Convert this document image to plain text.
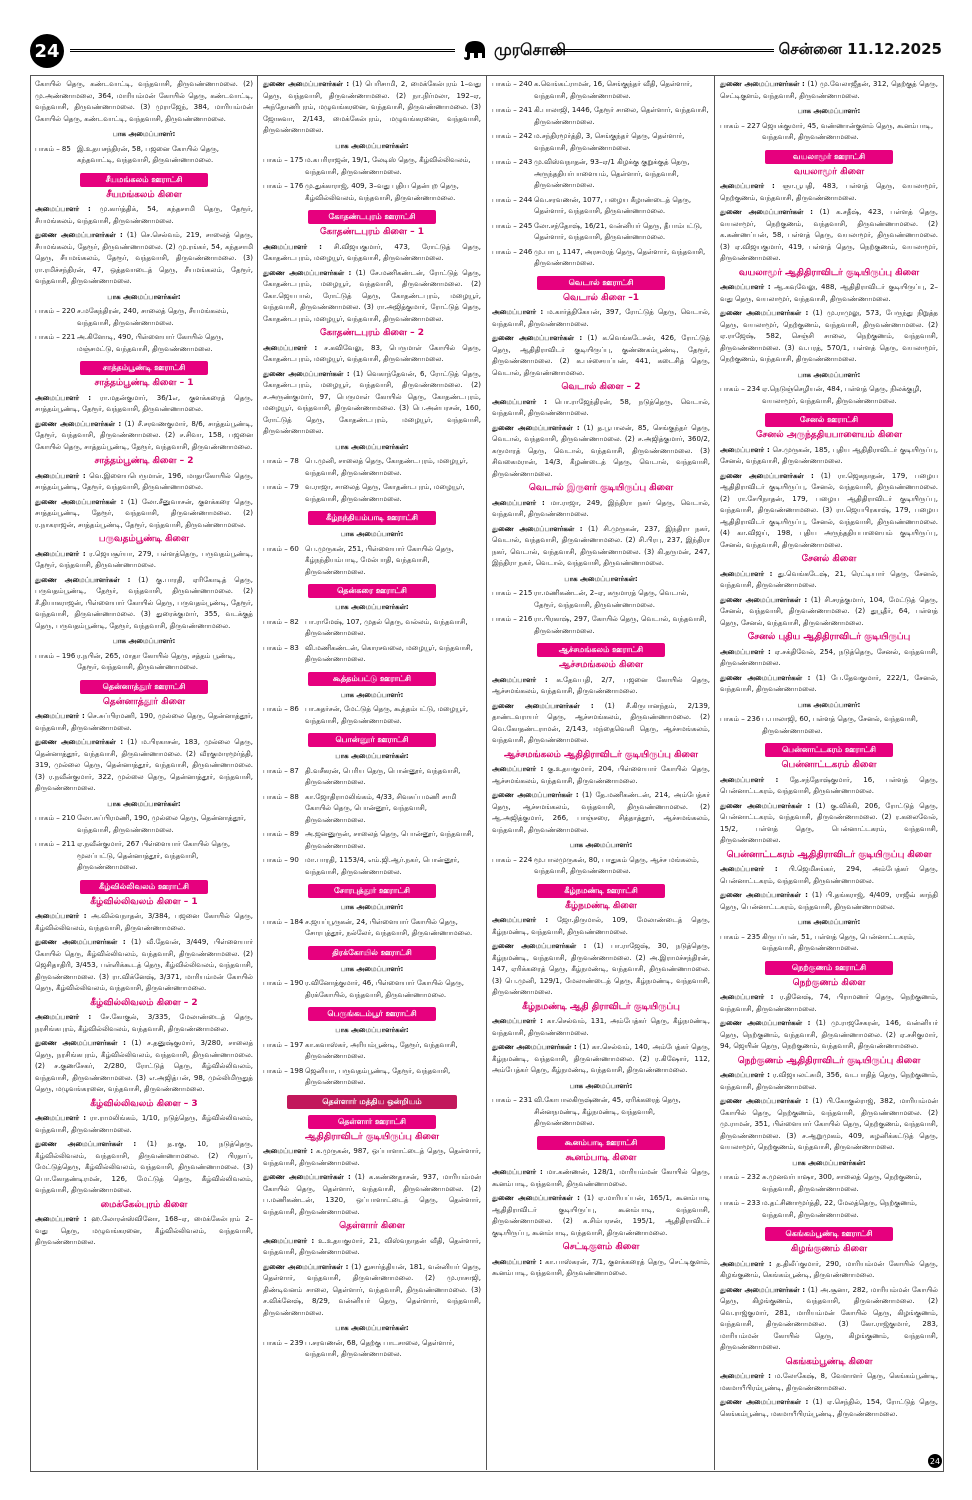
24	முரசொலி	சென்னை 11.12.2025

கோயில் தெரு, கண்டவாட்டி, வந்தவாசி, திருவண்ணாமலை. (2) மு.அண்ணாமலை, 364, மாரியம்மன் கோயில் தெரு, கண்டவாட்டி, வந்தவாசி, திருவண்ணாமலை. (3) முராஜேந், 384, மாரியம்மன் கோயில் தெரு, கண்டவாட்டி, வந்தவாசி, திருவண்ணாமலை.

பாக அமைப்பாளர்:
பாகம் – 85 இ.உதயசந்திரன், 58, பஜனை கோயில் தெரு, கந்தவாட்டி, வந்தவாசி, திருவண்ணாமலை.
சீயமங்கலம் ஊராட்சி
சீயமங்கலம் கிளை

அமைப்பாளர் : மு.கார்த்திக், 54, கந்தசாமி தெரு, தேரூர், சீயமங்கலம், வந்தவாசி, திருவண்ணாமலை.

துணை அமைப்பாளர்கள் : (1) செ.செல்வம், 219, சாலைத் தெரு, சீயமங்கலம், தேரூர், திருவண்ணாமலை. (2) மு.ரங்கர், 54, கந்தசாமி தெரு, சீயமங்கலம், தேரூர், வந்தவாசி, திருவண்ணாமலை. (3) ரா.ரமிச்சந்திரன், 47, ஒத்தவாடைத் தெரு, சீயமங்கலம், தேரூர், வந்தவாசி, திருவண்ணாமலை.

பாக அமைப்பாளர்கள்:
பாகம் – 220 ச.மகேந்திரன், 240, சாலைத் தெரு, சீயமங்கலம், வந்தவாசி, திருவண்ணாமலை.
பாகம் – 221 அ.கிளோடி, 490, பிள்ளையார் கோயில் தெரு, மஞ்சமட்டு, வந்தவாசி, திருவண்ணாமலை.
சாத்தம்பூண்டி ஊராட்சி
சாத்தம்பூண்டி கிளை – 1

அமைப்பாளர் : ரா.மதன்குமார், 36/1எ, குளக்கரைத் தெரு, சாத்தம்பூண்டி, தேரூர், வந்தவாசி, திருவண்ணாமலை.

துணை அமைப்பாளர்கள் : (1) சீ.சரவணகுமார், 8/6, சாத்தம்பூண்டி, தேரூர், வந்தவாசி, திருவண்ணாமலை. (2) ச.சிவா, 158, பஜனை கோயில் தெரு, சாத்தம்பூண்டி, தேரூர், வந்தவாசி, திருவண்ணாமலை.

சாத்தம்பூண்டி கிளை – 2

அமைப்பாளர் : வெ.இளையபெருமாள், 196, மாதாகோயில் தெரு, சாத்தம்பூண்டி, தேரூர், வந்தவாசி, திருவண்ணாமலை.

துணை அமைப்பாளர்கள் : (1) லோ.சீனுவாசன், குளக்கரை தெரு, சாத்தம்பூண்டி, தேரூர், வந்தவாசி, திருவண்ணாமலை. (2) ர.நாகராஜன், சாத்தம்பூண்டி, தேரூர், வந்தவாசி, திருவண்ணாமலை.

பருவதம்பூண்டி கிளை

அமைப்பாளர் : ர.ஜெயசூர்யா, 279, பள்ளத்தெரு, பருவதம்பூண்டி, தேரூர், வந்தவாசி, திருவண்ணாமலை.

துணை அமைப்பாளர்கள் : (1) கு.பாரதி, ஏரிகோடித் தெரு, பருவதம்பூண்டி, தேரூர், வந்தவாசி, திருவண்ணாமலை. (2) சீ.தியாகராஜன், பிள்ளையார் கோயில் தெரு, பருவதம்பூண்டி, தேரூர், வந்தவாசி, திருவண்ணாமலை. (3) துரைக்குமார், 355, வடக்குத் தெரு, பருவதம்பூண்டி, தேரூர், வந்தவாசி, திருவண்ணாமலை.

பாக அமைப்பாளர்:
பாகம் – 196 ர.நபின், 265, மாதா கோயில் தெரு, சத்தம் பூண்டி, தேரூர், வந்தவாசி, திருவண்ணாமலை.
தென்னாத்தூர் ஊராட்சி
தென்னாத்தூர் கிளை

அமைப்பாளர் : செ.சுப்பிரமணி, 190, முல்லை தெரு, தென்னாத்தூர், வந்தவாசி, திருவண்ணாமலை.

துணை அமைப்பாளர்கள் : (1) ம.பிரகாசன், 183, முல்லை தெரு, தென்னாத்தூர், வந்தவாசி, திருவண்ணாமலை. (2) வீரகுமாரமூர்த்தி, 319, முல்லை தெரு, தென்னாத்தூர், வந்தவாசி, திருவண்ணாமலை. (3) ர.நவீன்குமார், 322, முல்லை தெரு, தென்னாத்தூர், வந்தவாசி, திருவண்ணாமலை.

பாக அமைப்பாளர்கள்:
பாகம் – 210 லோ.சுப்பிரமணி, 190, முல்லை தெரு, தென்னாத்தூர், வந்தவாசி, திருவண்ணாமலை.
பாகம் – 211 ஏ.நவீன்குமார், 267 பிள்ளையார் கோயில் தெரு, மூலப்பட்டு, தென்னாத்தூர், வந்தவாசி, திருவண்ணாமலை.
கீழ்வில்லிவலம் ஊராட்சி
கீழ்வில்லிவலம் கிளை – 1

அமைப்பாளர் : அ.வில்வநாதன், 3/384, பஜனை கோயில் தெரு, கீழ்வில்லிவலம், வந்தவாசி, திருவண்ணாமலை.

துணை அமைப்பாளர்கள் : (1) வீ.தேவன், 3/449, பிள்ளையார் கோயில் தெரு, கீழ்வில்லிவலம், வந்தவாசி, திருவண்ணாமலை. (2) ஜெசிதாதிரி, 3/453, பள்ளிக்கூடத் தெரு, கீழ்வில்லிவலம், வந்தவாசி, திருவண்ணாமலை. (3) ரா.விக்னேஷ், 3/371, மாரியம்மன் கோயில் தெரு, கீழ்வில்லிவலம், வந்தவாசி, திருவண்ணாமலை.

கீழ்வில்லிவலம் கிளை – 2

அமைப்பாளர் : சே.கோகுல், 3/335, மேலாண்டைத் தெரு, நரசிங்கபுரம், கீழ்வில்லிவலம், வந்தவாசி, திருவண்ணாமலை.

துணை அமைப்பாளர்கள் : (1) ச.தனுஷ்குமார், 3/280, சாலைத் தெரு, நரசிங்கபுரம், கீழ்வில்லிவலம், வந்தவாசி, திருவண்ணாமலை. (2) ச.குணசேகர், 2/280, ரோட்டுத் தெரு, கீழ்வில்லிவலம், வந்தவாசி, திருவண்ணாமலை. (3) எ.அஜித்பன், 98, முல்லிமிருதுத் தெரு, மழுவங்கரனை, வந்தவாசி, திருவண்ணாமலை.

கீழ்வில்லிவலம் கிளை – 3

அமைப்பாளர் : ரா.ராமலிங்கம், 1/10, நடுத்தெரு, கீழ்வில்லிவலம், வந்தவாசி, திருவண்ணாமலை.

துணை அமைப்பாளர்கள் : (1) த.ரகு, 10, நடுத்தெரு, கீழ்வில்லிவலம், வந்தவாசி, திருவண்ணாமலை. (2) பிரதாப், மேட்டுத்தெரு, கீழ்வில்லிவலம், வந்தவாசி, திருவண்ணாமலை. (3) பொ.கோதண்டிரமன், 126, மேட்டுத் தெரு, கீழ்வில்லிவலம், வந்தவாசி, திருவண்ணாமலை.

மைக்கேல்புரம் கிளை

அமைப்பாளர் : ஹ.லோரன்ஸ்வினோ, 168–ஏ, மைக்கேல்புரம் 2–வது தெரு, மழுவங்கரனை, கீழ்வில்லிவலம், வந்தவாசி, திருவண்ணாமலை.

துணை அமைப்பாளர்கள் : (1) பெரிசாமி, 2, மைக்கேல்புரம் 1–வது தெரு, வந்தவாசி, திருவண்ணாமலை. (2) நா.நிர்மலா, 192–ஏ, அந்தோணிபுரம், மழுவங்கரனை, வந்தவாசி, திருவண்ணாமலை. (3) ஜோசுவா, 2/143, மைக்கேல்புரம், மழுவங்கரனை, வந்தவாசி, திருவண்ணாமலை.

பாக அமைப்பாளர்கள்:
பாகம் – 175 ம.கபரிராஜன், 19/1, லேடிஸ் தெரு, கீழ்வில்லிவலம், வந்தவாசி, திருவண்ணாமலை.
பாகம் – 176 மு.துக்காராஜ், 409, 3–வது புதிய தென்புற தெரு, கீழ்வில்லிவலம், வந்தவாசி, திருவண்ணாமலை.
கோதண்டபுரம் ஊராட்சி
கோதண்டபுரம் கிளை – 1

அமைப்பாளர் : சி.விஜயகுமார், 473, ரோட்டுத் தெரு, கோதண்டபுரம், மழையூர், வந்தவாசி, திருவண்ணாமலை.

துணை அமைப்பாளர்கள் : (1) சே.மணிகண்டன், ரோட்டுத் தெரு, கோதண்டபுரம், மழையூர், வந்தவாசி, திருவண்ணாமலை. (2) கோ.ஜெயபால், ரோட்டுத் தெரு, கோதண்டபுரம், மழையூர், வந்தவாசி, திருவண்ணாமலை. (3) ரா.அஜித்குமார், ரோட்டுத் தெரு, கோதண்டபுரம், மழையூர், வந்தவாசி, திருவண்ணாமலை.

கோதண்டபுரம் கிளை – 2

அமைப்பாளர் : ச.கவிவேலு, 83, பெருமாள் கோயில் தெரு, கோதண்டபுரம், மழையூர், வந்தவாசி, திருவண்ணாமலை.

துணை அமைப்பாளர்கள் : (1) வெகாந்தேவன், 6, ரோட்டுத் தெரு, கோதண்டபுரம், மழையூர், வந்தவாசி, திருவண்ணாமலை. (2) ச.அருண்குமார், 97, பெருமாள் கோயில் தெரு, கோதண்டபுரம், மழையூர், வந்தவாசி, திருவண்ணாமலை. (3) பெ.அன்பரசன், 160, ரோட்டுத் தெரு, கோதண்டபுரம், மழையூர், வந்தவாசி, திருவண்ணாமலை.

பாக அமைப்பாளர்கள்:
பாகம் – 78 பெ.முனி, சாலைத் தெரு, கோதண்டபுரம், மழையூர், வந்தவாசி, திருவண்ணாமலை.
பாகம் – 79 வ.ராஜா, சாலைத் தெரு, கோதண்டபுரம், மழையூர், வந்தவாசி, திருவண்ணாமலை.
கீழ்நந்தியம்பாடி ஊராட்சி
பாக அமைப்பாளர்:
பாகம் – 60 பெ.முருகன், 251, பிள்ளையார் கோயில் தெரு, கீழ்நந்தியம்பாடி, மேல்பாதி, வந்தவாசி, திருவண்ணாமலை.
தென்கரை ஊராட்சி
பாக அமைப்பாளர்கள்:
பாகம் – 82 பா.ராமேஷ், 107, முதல் தெரு, வல்லம், வந்தவாசி, திருவண்ணாமலை.
பாகம் – 83 வி.மணிகண்டன், கொரசவலை, மழையூர், வந்தவாசி, திருவண்ணாமலை.
கூத்தம்பட்டு ஊராட்சி
பாக அமைப்பாளர்:
பாகம் – 86 பா.சுதர்சன், மேட்டுத் தெரு, கூத்தம்பட்டு, மழையூர், வந்தவாசி, திருவண்ணாமலை.
பொன்னூர் ஊராட்சி
பாக அமைப்பாளர்கள்:
பாகம் – 87 தி.வசீகரன், பெரிய தெரு, பொன்னூர், வந்தவாசி, திருவண்ணாமலை.
பாகம் – 88 கா.ஜோதிராமலிங்கம், 4/33, சிவசுப்பமணி சாமி கோயில் தெரு, பொன்னூர், வந்தவாசி, திருவண்ணாமலை.
பாகம் – 89 அ.ஜனனுருன், சாலைத் தெரு, பொன்னூர், வந்தவாசி, திருவண்ணாமலை.
பாகம் – 90 மா.பாரதி, 1153/4, எம்.ஜி.ஆர்.நகர், பொன்னூர், வந்தவாசி, திருவண்ணாமலை.
சோரபுத்தூர் ஊராட்சி
பாக அமைப்பாளர்:
பாகம் – 184 ச.ஜயப்பூருகன், 24, பிள்ளையார் கோயில் தெரு, சோரபுத்தூர், நல்லேர், வந்தவாசி, திருவண்ணாமலை.
திரக்கோயில் ஊராட்சி
பாக அமைப்பாளர்:
பாகம் – 190 ர.வினோத்குமார், 46, பிள்ளையார் கோயில் தெரு, திரக்கோயில், வந்தவாசி, திருவண்ணாமலை.
பெருங்கடம்பூர் ஊராட்சி
பாக அமைப்பாளர்கள்:
பாகம் – 197 கா.கவாஸ்கர், அரியம்பூண்டி, தேரூர், வந்தவாசி, திருவண்ணாமலை.
பாகம் – 198 ஜெனியா, பருவதம்பூண்டி, தேரூர், வந்தவாசி, திருவண்ணாமலை.
தெள்ளார் மத்திய ஒன்றியம்
தெள்ளார் ஊராட்சி
ஆதிதிராவிடர் குடியிருப்பு கிளை

அமைப்பாளர் : க.முருகன், 987, ஒப்பாளாட்டைத் தெரு, தெள்ளார், வந்தவாசி, திருவண்ணாமலை.

துணை அமைப்பாளர்கள் : (1) க.கண்ணதாசன், 937, மாரியம்மன் கோயில் தெரு, தெள்ளார், வந்தவாசி, திருவண்ணாமலை. (2) ப.மணிகண்டன், 1320, ஒப்பாளாட்டைத் தெரு, தெள்ளார், வந்தவாசி, திருவண்ணாமலை.

தெள்ளார் கிளை

அமைப்பாளர் : உ.உதயகுமார், 21, விஸ்வநாதன் வீதி, தெள்ளார், வந்தவாசி, திருவண்ணாமலை.

துணை அமைப்பாளர்கள் : (1) துசார்த்தியன், 181, வன்னியர் தெரு, தெள்ளார், வந்தவாசி, திருவண்ணாமலை. (2) மு.ராசாஜி, திண்டிவனம் சாலை, தெள்ளார், வந்தவாசி, திருவண்ணாமலை. (3) ச.விக்னேஷ், 8/29, வன்னியர் தெரு, தெள்ளார், வந்தவாசி, திருவண்ணாமலை.

பாக அமைப்பாளர்கள்:
பாகம் – 239 ப.சரவணன், 68, தெற்கு பாடசாலை, தெள்ளார், வந்தவாசி, திருவண்ணாமலை.
பாகம் – 240 க.வெங்கட்ராமன், 16, செங்குந்தர் வீதி, தெள்ளார், வந்தவாசி, திருவண்ணாமலை.
பாகம் – 241 கி.பாலாஜி, 1446, தேரூர் சாலை, தெள்ளார், வந்தவாசி, திருவண்ணாமலை.
பாகம் – 242 ம.சந்திரமூர்த்தி, 3, செங்குந்தர் தெரு, தெள்ளார், வந்தவாசி, திருவண்ணாமலை.
பாகம் – 243 மு.விஸ்வநாதன், 93–ஏ/1 கிழக்கு குறுக்குத் தெரு, அருந்ததியர்பாளையம், தெள்ளார், வந்தவாசி, திருவண்ணாமலை.
பாகம் – 244 வெ.சரவணன், 1077, பழைய கீழாண்டைத் தெரு, தெள்ளார், வந்தவாசி, திருவண்ணாமலை.
பாகம் – 245 லோ.சந்தோஷ், 16/21, வன்னியர் தெரு, தீபாம்பட்டு, தெள்ளார், வந்தவாசி, திருவண்ணாமலை.
பாகம் – 246 மு.பாபு, 1147, அரசமரத் தெரு, தெள்ளார், வந்தவாசி, திருவண்ணாமலை.
வெடால் ஊராட்சி
வெடால் கிளை –1

அமைப்பாளர் : ம.கார்த்திகேயன், 397, ரோட்டுத் தெரு, வெடால், வந்தவாசி, திருவண்ணாமலை.

துணை அமைப்பாளர்கள் : (1) க.வெங்கடேசன், 426, ரோட்டுத் தெரு, ஆதிதிராவிடர் குடியிருப்பு, குண்ணகம்பூண்டி, தேரூர், திருவண்ணாமலை. (2) க.பச்சையப்பன், 441, கடைசித் தெரு, வெடால், திருவண்ணாமலை.

வெடால் கிளை – 2

அமைப்பாளர் : பொ.ராஜேந்திரன், 58, நடுத்தெரு, வெடால், வந்தவாசி, திருவண்ணாமலை.

துணை அமைப்பாளர்கள் : (1) த.பூபாலன், 85, செங்குந்தர் தெரு, வெடால், வந்தவாசி, திருவண்ணாமலை. (2) ச.அஜித்குமார், 360/2, கருமாரத் தெரு, வெடால், வந்தவாசி, திருவண்ணாமலை. (3) சிவகைமரான், 14/3, கீழண்டைத் தெரு, வெடால், வந்தவாசி, திருவண்ணாமலை.

வெடால் இருளர் குடியிருப்பு கிளை

அமைப்பாளர் : மா.ராஜா, 249, இந்திரா நகர் தெரு, வெடால், வந்தவாசி, திருவண்ணாமலை.

துணை அமைப்பாளர்கள் : (1) சி.முருகன், 237, இந்திரா நகர், வெடால், வந்தவாசி, திருவண்ணாமலை. (2) சி.பிரபு, 237, இந்திரா நகர், வெடால், வந்தவாசி, திருவண்ணாமலை. (3) கி.தருமன், 247, இந்திரா நகர், வெடால், வந்தவாசி, திருவண்ணாமலை.

பாக அமைப்பாளர்கள்:
பாகம் – 215 ரா.மணிகண்டன், 2–ஏ, கருமாரத் தெரு, வெடால், தேரூர், வந்தவாசி, திருவண்ணாமலை.
பாகம் – 216 ரா.பிரகாஷ், 297, கோயில் தெரு, வெடால், வந்தவாசி, திருவண்ணாமலை.
ஆச்சமங்கலம் ஊராட்சி
ஆச்சமங்கலம் கிளை

அமைப்பாளர் : க.தேவபதி, 2/7, பஜனை கோயில் தெரு, ஆச்சமங்கலம், வந்தவாசி, திருவண்ணாமலை.

துணை அமைப்பாளர்கள் : (1) சீ.கிருபானந்தம், 2/139, தாண்டவராயர் தெரு, ஆச்சமங்கலம், திருவண்ணாமலை. (2) வெ.கோதண்டராமன், 2/143, மந்தைவெளி தெரு, ஆச்சமங்கலம், வந்தவாசி, திருவண்ணாமலை.

ஆச்சமங்கலம் ஆதிதிராவிடர் குடியிருப்பு கிளை

அமைப்பாளர் : கு.உதயகுமார், 204, பிள்ளையார் கோயில் தெரு, ஆச்சமங்கலம், வந்தவாசி, திருவண்ணாமலை.

துணை அமைப்பாளர்கள் : (1) தே.மணிகண்டன், 214, அம்பேத்கர் தெரு, ஆச்சமங்கலம், வந்தவாசி, திருவண்ணாமலை. (2) ஆ.அஜித்குமார், 266, பாஞ்சரை, சித்தாத்தூர், ஆச்சமங்கலம், வந்தவாசி, திருவண்ணாமலை.

பாக அமைப்பாளர்:
பாகம் – 224 மூ.பாலமுருகன், 80, பாதுகம் தெரு, ஆச்ச மங்கலம், வந்தவாசி, திருவண்ணாமலை.
கீழ்நமண்டி ஊராட்சி
கீழ்நமண்டி கிளை

அமைப்பாளர் : ஜோ.திருமால், 109, மேலாண்டைத் தெரு, கீழ்நமண்டி, வந்தவாசி, திருவண்ணாமலை.

துணை அமைப்பாளர்கள் : (1) பா.ராஜேஷ், 30, நடுத்தெரு, கீழ்நமண்டி, வந்தவாசி, திருவண்ணாமலை. (2) அ.இராமச்சந்திரன், 147, ஏரிக்கரைத் தெரு, கீழ்நமண்டி, வந்தவாசி, திருவண்ணாமலை. (3) பெ.முனி, 129/1, மேலாண்டைத் தெரு, கீழ்நமண்டி, வந்தவாசி, திருவண்ணாமலை.

கீழ்நமண்டி ஆதி திராவிடர் குடியிருப்பு

அமைப்பாளர் : கா.செல்வம், 131, அம்பேத்கர் தெரு, கீழ்நமண்டி, வந்தவாசி, திருவண்ணாமலை.

துணை அமைப்பாளர்கள் : (1) கா.செல்வம், 140, அம்பேத்கர் தெரு, கீழ்நமண்டி, வந்தவாசி, திருவண்ணாமலை. (2) ர.கிஷோர், 112, அம்பேத்கர் தெரு, கீழ்நமண்டி, வந்தவாசி, திருவண்ணாமலை.

பாக அமைப்பாளர்:
பாகம் – 231 வி.கோபாலகிருஷ்ணன், 45, ஏரிக்கரைத் தெரு, சின்னநமண்டி, கீழ்நமண்டி, வந்தவாசி, திருவண்ணாமலை.
கூனம்பாடி ஊராட்சி
கூனம்பாடி கிளை

அமைப்பாளர் : மா.கண்ணன், 128/1, மாரியம்மன் கோயில் தெரு, கூனம்பாடி, வந்தவாசி, திருவண்ணாமலை.

துணை அமைப்பாளர்கள் : (1) ஏ.மாரியப்பன், 165/1, கூனம்பாடி ஆதிதிராவிடர் குடியிருப்பு, கூனம்பாடி, வந்தவாசி, திருவண்ணாமலை. (2) க.சிம்பரசன், 195/1, ஆதிதிராவிடர் குடியிருப்பு, கூனம்பாடி, வந்தவாசி, திருவண்ணாமலை.

செட்டிகுளம் கிளை

அமைப்பாளர் : கா.பாஸ்கரன், 7/1, குளக்கரைத் தெரு, செட்டிகுளம், கூனம்பாடி, வந்தவாசி, திருவண்ணாமலை.

துணை அமைப்பாளர்கள் : (1) மு.வேலாஜீதன், 312, தெற்குத் தெரு, செட்டிகுளம், வந்தவாசி, திருவண்ணாமலை.

பாக அமைப்பாளர்:
பாகம் – 227 ஜெயக்குமார், 45, வண்ணான்குளம் தெரு, கூனம்பாடி, வந்தவாசி, திருவண்ணாமலை.
வயலாமூர் ஊராட்சி
வயலாமூர் கிளை

அமைப்பாளர் : ஞா.பூபதி, 483, பள்ளத் தெரு, வயலாமூர், நெற்குணம், வந்தவாசி, திருவண்ணாமலை.

துணை அமைப்பாளர்கள் : (1) க.சதீஷ், 423, பள்ளத் தெரு, வயலாமூர், நெற்குணம், வந்தவாசி, திருவண்ணாமலை. (2) க.கண்ணப்பன், 58, பள்ளத் தெரு, வயலாமூர், திருவண்ணாமலை. (3) ஏ.விஜயகுமார், 419, பள்ளத் தெரு, நெற்குணம், வயலாமூர், திருவண்ணாமலை.

வயலாமூர் ஆதிதிராவிடர் குடியிருப்பு கிளை

அமைப்பாளர் : ஆ.கவுவேலு, 488, ஆதிதிராவிடர் குடியிருப்பு, 2–வது தெரு, வயலாமூர், வந்தவாசி, திருவண்ணாமலை.

துணை அமைப்பாளர்கள் : (1) மு.ராமுலு, 573, பேருந்து நிறுத்த தெரு, வயலாமூர், நெற்குணம், வந்தவாசி, திருவண்ணாமலை. (2) ஏ.ராஜேஷ், 582, செஞ்சி சாலை, நெற்குணம், வந்தவாசி, திருவண்ணாமலை. (3) வ.பரத், 570/1, பள்ளத் தெரு, வயலாமூர், நெற்குணம், வந்தவாசி, திருவண்ணாமலை.

பாக அமைப்பாளர்:
பாகம் – 234 ஏ.நெடுஞ்செழியன், 484, பள்ளத் தெரு, நிலக்குழி, வயலாமூர், வந்தவாசி, திருவண்ணாமலை.
சேனல் ஊராட்சி
சேனல் அருந்ததியபாளையம் கிளை

அமைப்பாளர் : செ.முருகன், 185, புதிய ஆதிதிராவிடர் குடியிருப்பு, சேனல், வந்தவாசி, திருவண்ணாமலை.

துணை அமைப்பாளர்கள் : (1) ரா.ஜெகநாதன், 179, பழைய ஆதிதிராவிடர் குடியிருப்பு, சேனல், வந்தவாசி, திருவண்ணாமலை. (2) ரா.சேபிநாதன், 179, பழைய ஆதிதிராவிடர் குடியிருப்பு, வந்தவாசி, திருவண்ணாமலை. (3) ரா.ஜெயபிரகாஷ், 179, பழைய ஆதிதிராவிடர் குடியிருப்பு, சேனல், வந்தவாசி, திருவண்ணாமலை. (4) கா.விஜய், 198, புதிய அருந்ததியபாளையம் குடியிருப்பு, சேனல், வந்தவாசி, திருவண்ணாமலை.

சேனல் கிளை

அமைப்பாளர் : து.வெங்கடேஷ், 21, ரெட்டியார் தெரு, சேனல், வந்தவாசி, திருவண்ணாமலை.

துணை அமைப்பாளர்கள் : (1) சி.சரத்குமார், 104, மேட்டுத் தெரு, சேனல், வந்தவாசி, திருவண்ணாமலை. (2) துபூதீர், 64, பள்ளத் தெரு, சேனல், வந்தவாசி, திருவண்ணாமலை.

சேனல் புதிய ஆதிதிராவிடர் குடியிருப்பு

அமைப்பாளர் : ஏ.சக்திவேல், 254, நடுத்தெரு, சேனல், வந்தவாசி, திருவண்ணாமலை.

துணை அமைப்பாளர்கள் : (1) பே.தேவகுமார், 222/1, சேனல், வந்தவாசி, திருவண்ணாமலை.

பாக அமைப்பாளர்:
பாகம் – 236 ப.பாலாஜி, 60, பள்ளத் தெரு, சேனல், வந்தவாசி, திருவண்ணாமலை.
பென்னாட்டகரம் ஊராட்சி
பென்னாட்டகரம் கிளை

அமைப்பாளர் : தே.சந்தோஷ்குமார், 16, பள்ளத் தெரு, பென்னாட்டகரம், வந்தவாசி, திருவண்ணாமலை.

துணை அமைப்பாளர்கள் : (1) கு.விக்கி, 206, ரோட்டுத் தெரு, பென்னாட்டகரம், வந்தவாசி, திருவண்ணாமலை. (2) ர.கலைவேல், 15/2, பள்ளத் தெரு, பென்னாட்டகரம், வந்தவாசி, திருவண்ணாமலை.

பென்னாட்டகரம் ஆதிதிராவிடர் குடியிருப்பு கிளை

அமைப்பாளர் : பி.ஜெமிசங்கர், 294, அம்பேத்கர் தெரு, பென்னாட்டகரம், வந்தவாசி, திருவண்ணாமலை.

துணை அமைப்பாளர்கள் : (1) பி.தங்கராஜ், 4/409, ராஜீவ் காந்தி தெரு, பென்னாட்டகரம், வந்தவாசி, திருவண்ணாமலை.

பாக அமைப்பாளர்:
பாகம் – 235 கிருபப்பன், 51, பள்ளத் தெரு, பென்னாட்டகரம், வந்தவாசி, திருவண்ணாமலை.
நெற்குணம் ஊராட்சி
நெற்குணம் கிளை

அமைப்பாளர் : ர.தினேஷ், 74, பிராமணர் தெரு, நெற்குணம், வந்தவாசி, திருவண்ணாமலை.

துணை அமைப்பாளர்கள் : (1) மு.ராஜசேகரன், 146, வன்னியர் தெரு, நெற்குணம், வந்தவாசி, திருவண்ணாமலை. (2) ஏ.சசிகுமார், 94, ஜெயின் தெரு, நெற்குணம், வந்தவாசி, திருவண்ணாமலை.

நெற்குணம் ஆதிதிராவிடர் குடியிருப்பு கிளை

அமைப்பாளர் : ர.விஜயலட்சுமி, 356, வடபாதித் தெரு, நெற்குணம், வந்தவாசி, திருவண்ணாமலை.

துணை அமைப்பாளர்கள் : (1) பி.கோகுல்ராஜ், 382, மாரியம்மன் கோயில் தெரு, நெற்குணம், வந்தவாசி, திருவண்ணாமலை. (2) மு.ராமன், 351, பிள்ளையார் கோயில் தெரு, நெற்குணம், வந்தவாசி, திருவண்ணாமலை. (3) ச.ஆறுமுகம், 409, கழனிக்கட்டுத் தெரு, வயலாமூர், நெற்குணம், வந்தவாசி, திருவண்ணாமலை.

பாக அமைப்பாளர்கள்:
பாகம் – 232 சு.முனவர்பாஷா, 300, சாலைத் தெரு, நெற்குணம், வந்தவாசி, திருவண்ணாமலை.
பாகம் – 233 ம.தட்சிணாமூர்த்தி, 22, மேலத்தெரு, நெற்குணம், வந்தவாசி, திருவண்ணாமலை.
கெங்கம்பூண்டி ஊராட்சி
கிழங்குணம் கிளை

அமைப்பாளர் : த.திலீப்குமார், 290, மாரியம்மன் கோயில் தெரு, கிழங்குணம், கெங்கம்பூண்டி, திருவண்ணாமலை.

துணை அமைப்பாளர்கள் : (1) அ.சூனா, 282, மாரியம்மன் கோயில் தெரு, கிழங்குணம், வந்தவாசி, திருவண்ணாமலை. (2) வெ.ராஜ்குமார், 281, மாரியம்மன் கோயில் தெரு, கிழங்குணம், வந்தவாசி, திருவண்ணாமலை. (3) கோ.ராஜ்குமார், 283, மாரியம்மன் கோயில் தெரு, கிழங்குணம், வந்தவாசி, திருவண்ணாமலை.

கெங்கம்பூண்டி கிளை

அமைப்பாளர் : ம.லோகேஷ், 8, வேளாளர் தெரு, கெங்கம்பூண்டி, மகமாயீபிரம்பூண்டி, திருவண்ணாமலை.

துணை அமைப்பாளர்கள் : (1) ஏ.செந்தில், 154, ரோட்டுத் தெரு, கெங்கம்பூண்டி, மகமாயீபிரம்பூண்டி, திருவண்ணாமலை.

24
